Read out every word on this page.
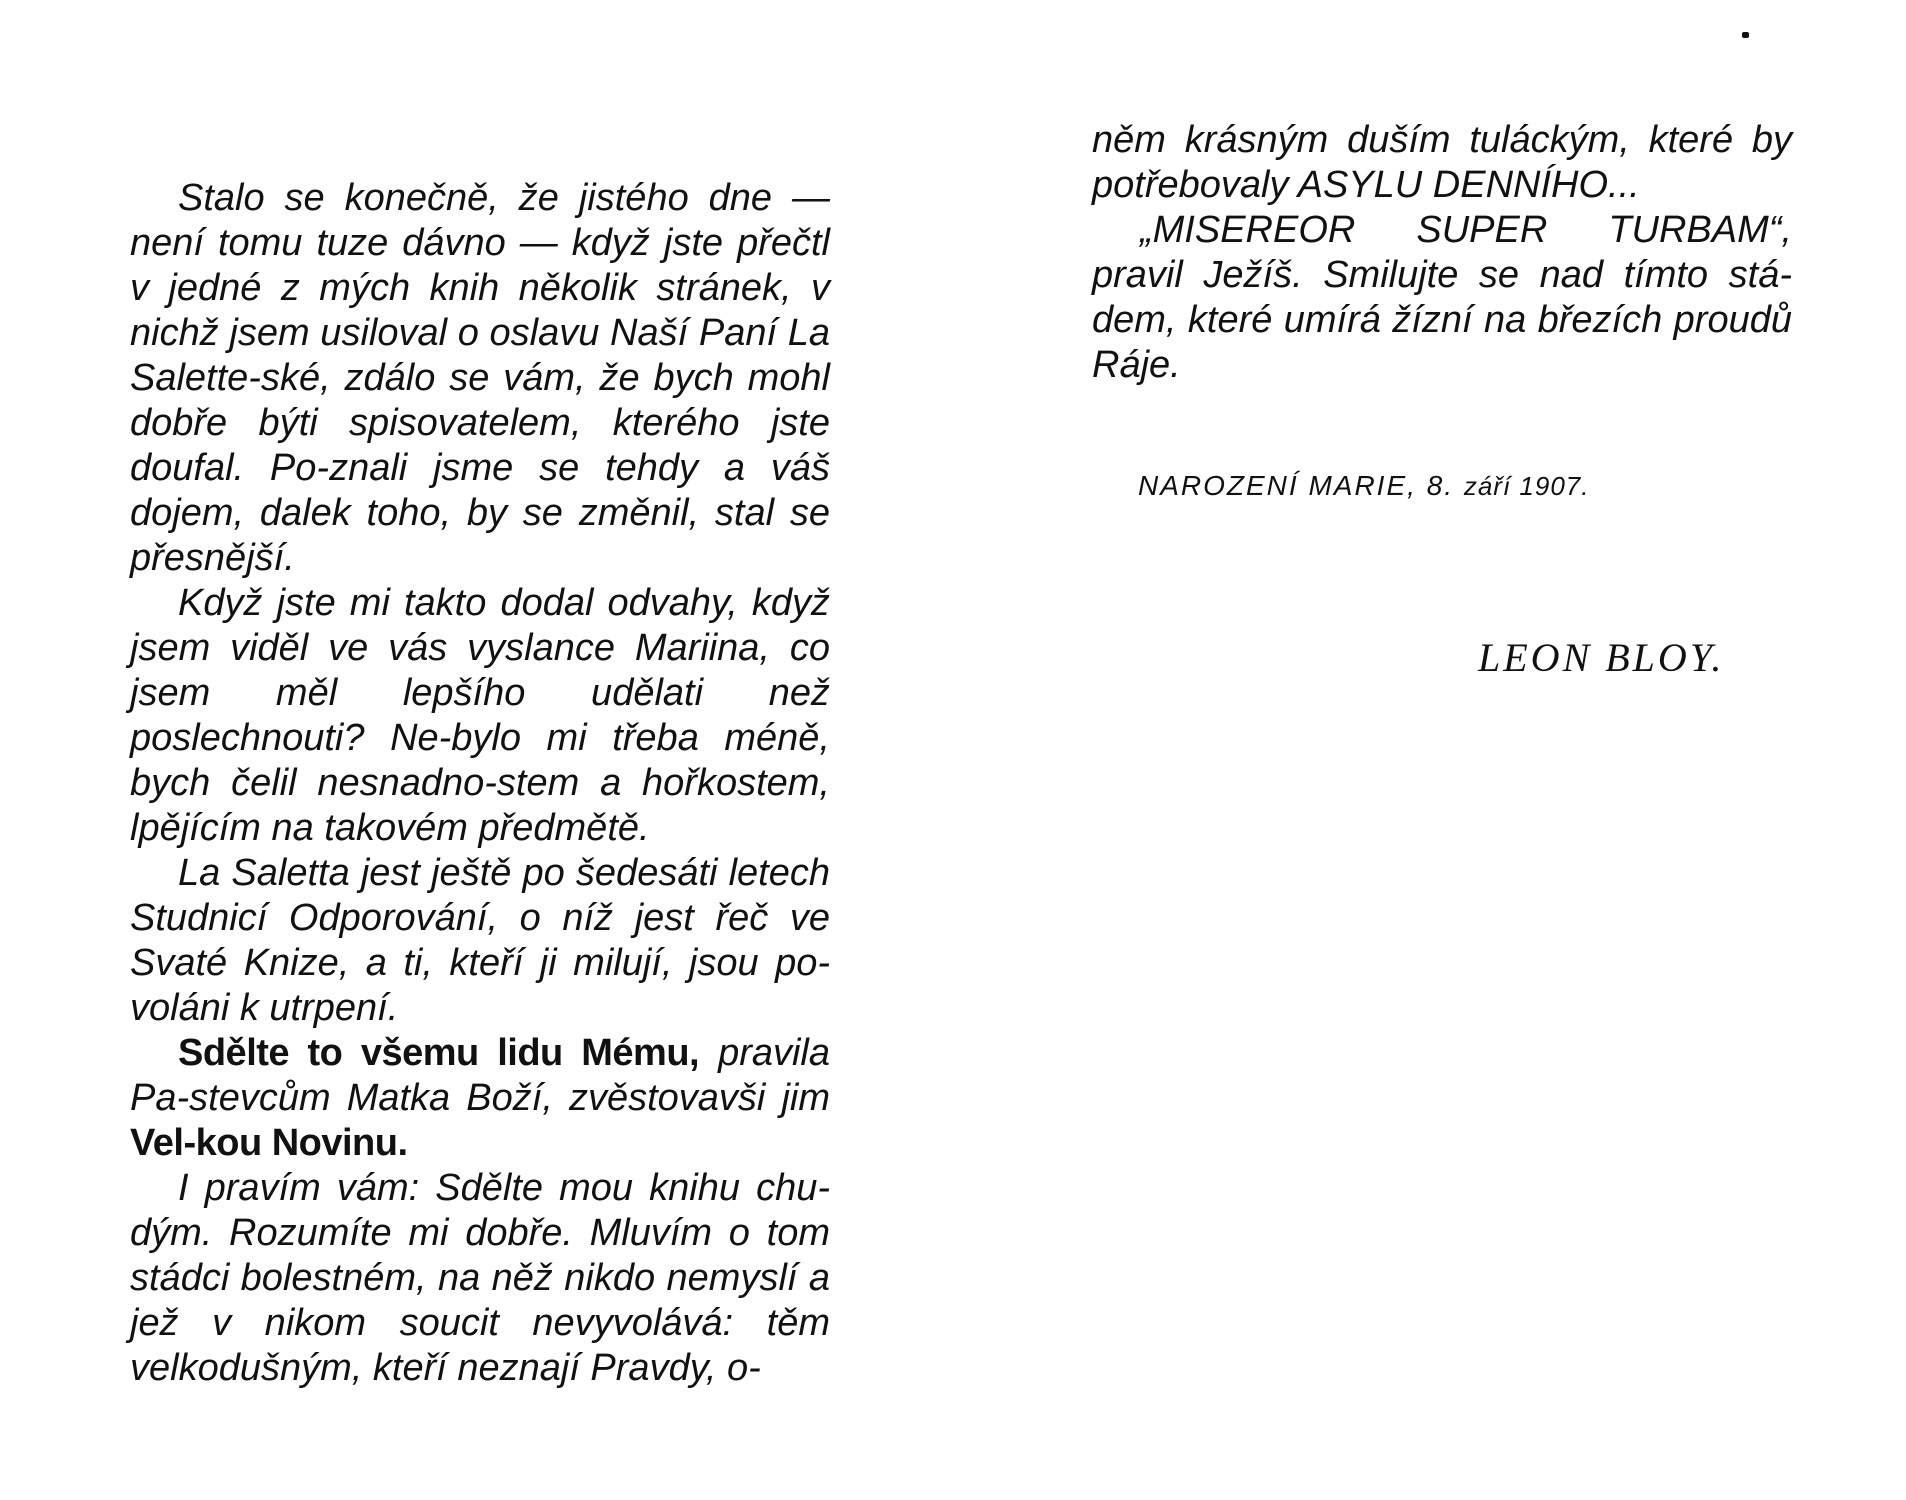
Stalo se konečně, že jistého dne — není tomu tuze dávno — když jste přečtl v jedné z mých knih několik stránek, v nichž jsem usiloval o oslavu Naší Paní La Salette-ské, zdálo se vám, že bych mohl dobře býti spisovatelem, kterého jste doufal. Po-znali jsme se tehdy a váš dojem, dalek toho, by se změnil, stal se přesnější.

Když jste mi takto dodal odvahy, když jsem viděl ve vás vyslance Mariina, co jsem měl lepšího udělati než poslechnouti? Ne-bylo mi třeba méně, bych čelil nesnadno-stem a hořkostem, lpějícím na takovém předmětě.

La Saletta jest ještě po šedesáti letech Studnicí Odporování, o níž jest řeč ve Svaté Knize, a ti, kteří ji milují, jsou po-voláni k utrpení.

Sdělte to všemu lidu Mému, pravila Pa-stevcům Matka Boží, zvěstovavši jim Vel-kou Novinu.

I pravím vám: Sdělte mou knihu chu-dým. Rozumíte mi dobře. Mluvím o tom stádci bolestném, na něž nikdo nemyslí a jež v nikom soucit nevyvolává: těm velkodušným, kteří neznají Pravdy, o-

něm krásným duším tuláckým, které by potřebovaly ASYLU DENNÍHO...

„MISEREOR SUPER TURBAM“, pravil Ježíš. Smilujte se nad tímto stá-dem, které umírá žízní na březích proudů Ráje.

NAROZENÍ MARIE, 8. září 1907.
LEON BLOY.
